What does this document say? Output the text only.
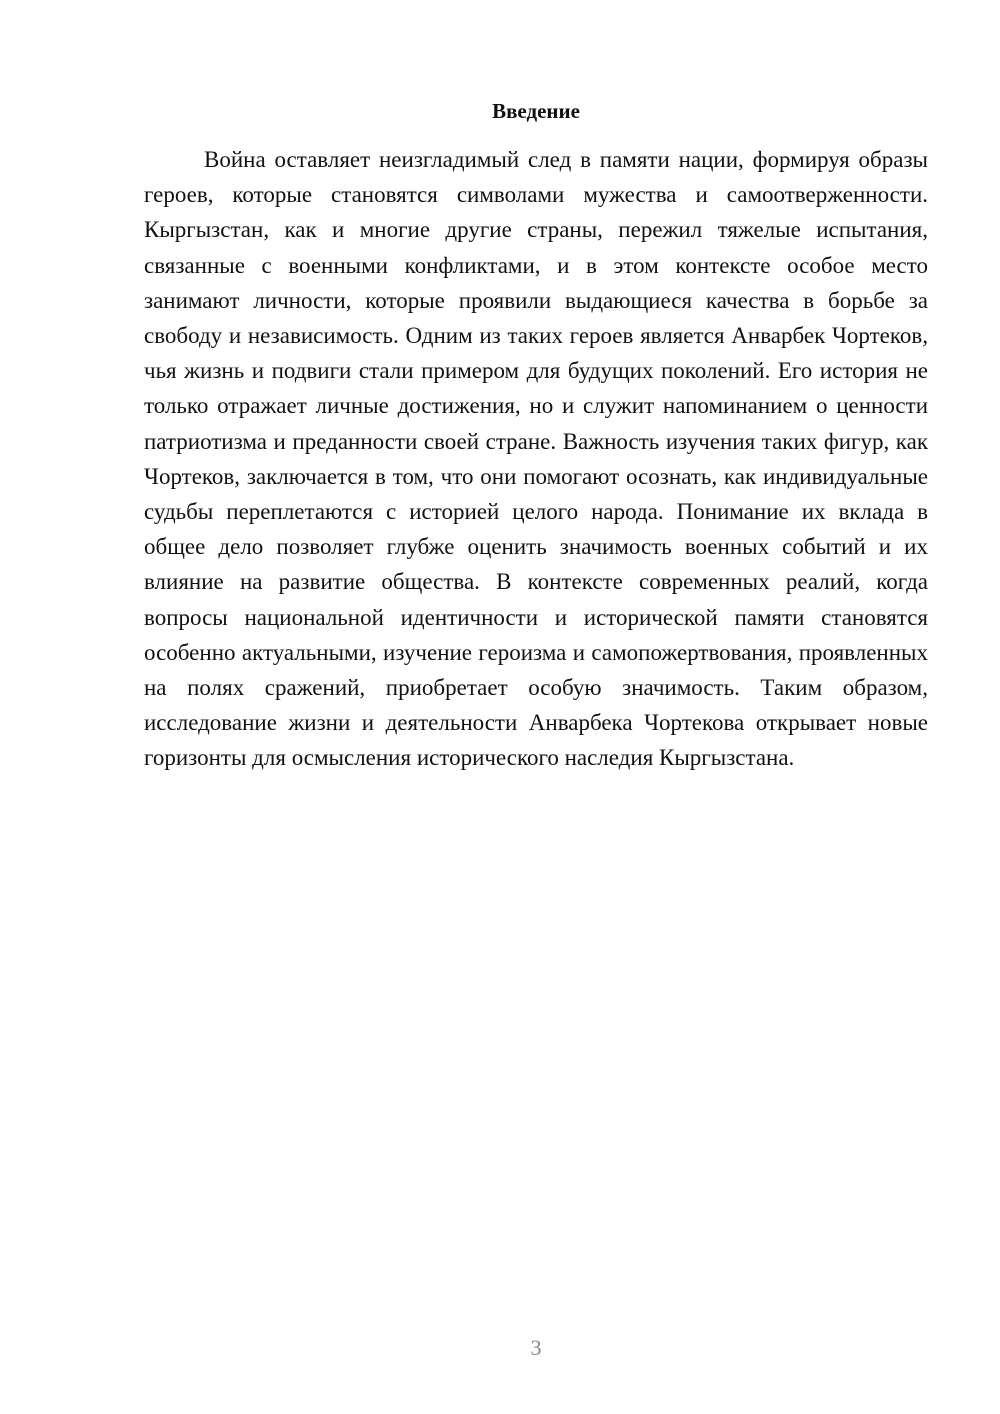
Введение

Война оставляет неизгладимый след в памяти нации, формируя образы героев, которые становятся символами мужества и самоотверженности. Кыргызстан, как и многие другие страны, пережил тяжелые испытания, связанные с военными конфликтами, и в этом контексте особое место занимают личности, которые проявили выдающиеся качества в борьбе за свободу и независимость. Одним из таких героев является Анварбек Чортеков, чья жизнь и подвиги стали примером для будущих поколений. Его история не только отражает личные достижения, но и служит напоминанием о ценности патриотизма и преданности своей стране. Важность изучения таких фигур, как Чортеков, заключается в том, что они помогают осознать, как индивидуальные судьбы переплетаются с историей целого народа. Понимание их вклада в общее дело позволяет глубже оценить значимость военных событий и их влияние на развитие общества. В контексте современных реалий, когда вопросы национальной идентичности и исторической памяти становятся особенно актуальными, изучение героизма и самопожертвования, проявленных на полях сражений, приобретает особую значимость. Таким образом, исследование жизни и деятельности Анварбека Чортекова открывает новые горизонты для осмысления исторического наследия Кыргызстана.

3
